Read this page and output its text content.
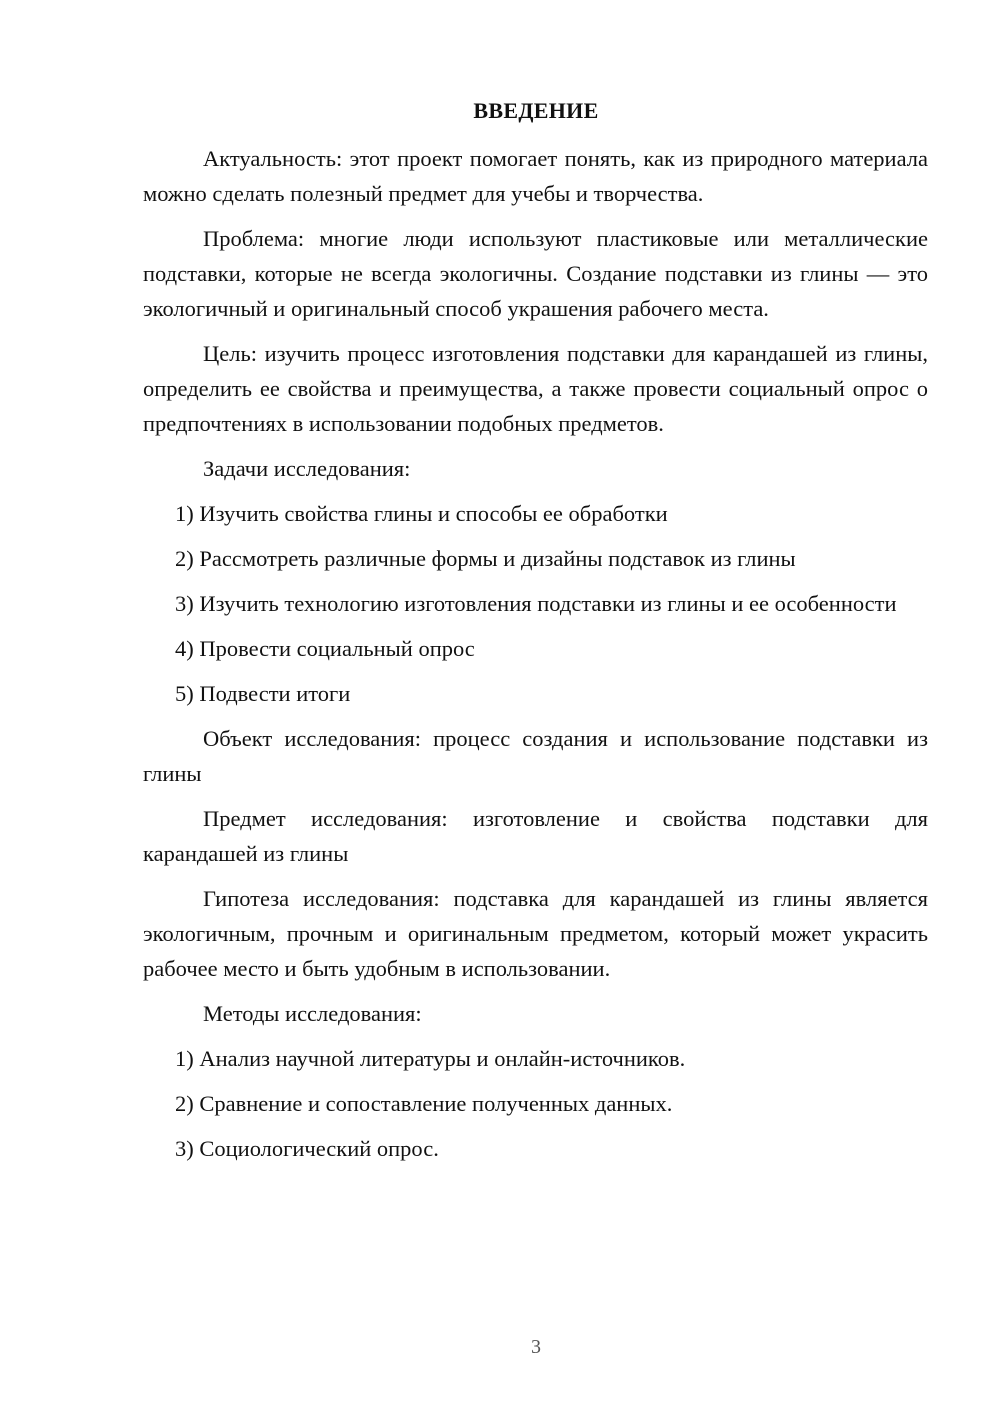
ВВЕДЕНИЕ

Актуальность: этот проект помогает понять, как из природного материала можно сделать полезный предмет для учебы и творчества.

Проблема: многие люди используют пластиковые или металлические подставки, которые не всегда экологичны. Создание подставки из глины — это экологичный и оригинальный способ украшения рабочего места.

Цель: изучить процесс изготовления подставки для карандашей из глины, определить ее свойства и преимущества, а также провести социальный опрос о предпочтениях в использовании подобных предметов.

Задачи исследования:

1) Изучить свойства глины и способы ее обработки

2) Рассмотреть различные формы и дизайны подставок из глины

3) Изучить технологию изготовления подставки из глины и ее особенности

4) Провести социальный опрос

5) Подвести итоги

Объект исследования: процесс создания и использование подставки из глины

Предмет исследования: изготовление и свойства подставки для карандашей из глины

Гипотеза исследования: подставка для карандашей из глины является экологичным, прочным и оригинальным предметом, который может украсить рабочее место и быть удобным в использовании.

Методы исследования:

1) Анализ научной литературы и онлайн-источников.

2) Сравнение и сопоставление полученных данных.

3) Социологический опрос.

3
